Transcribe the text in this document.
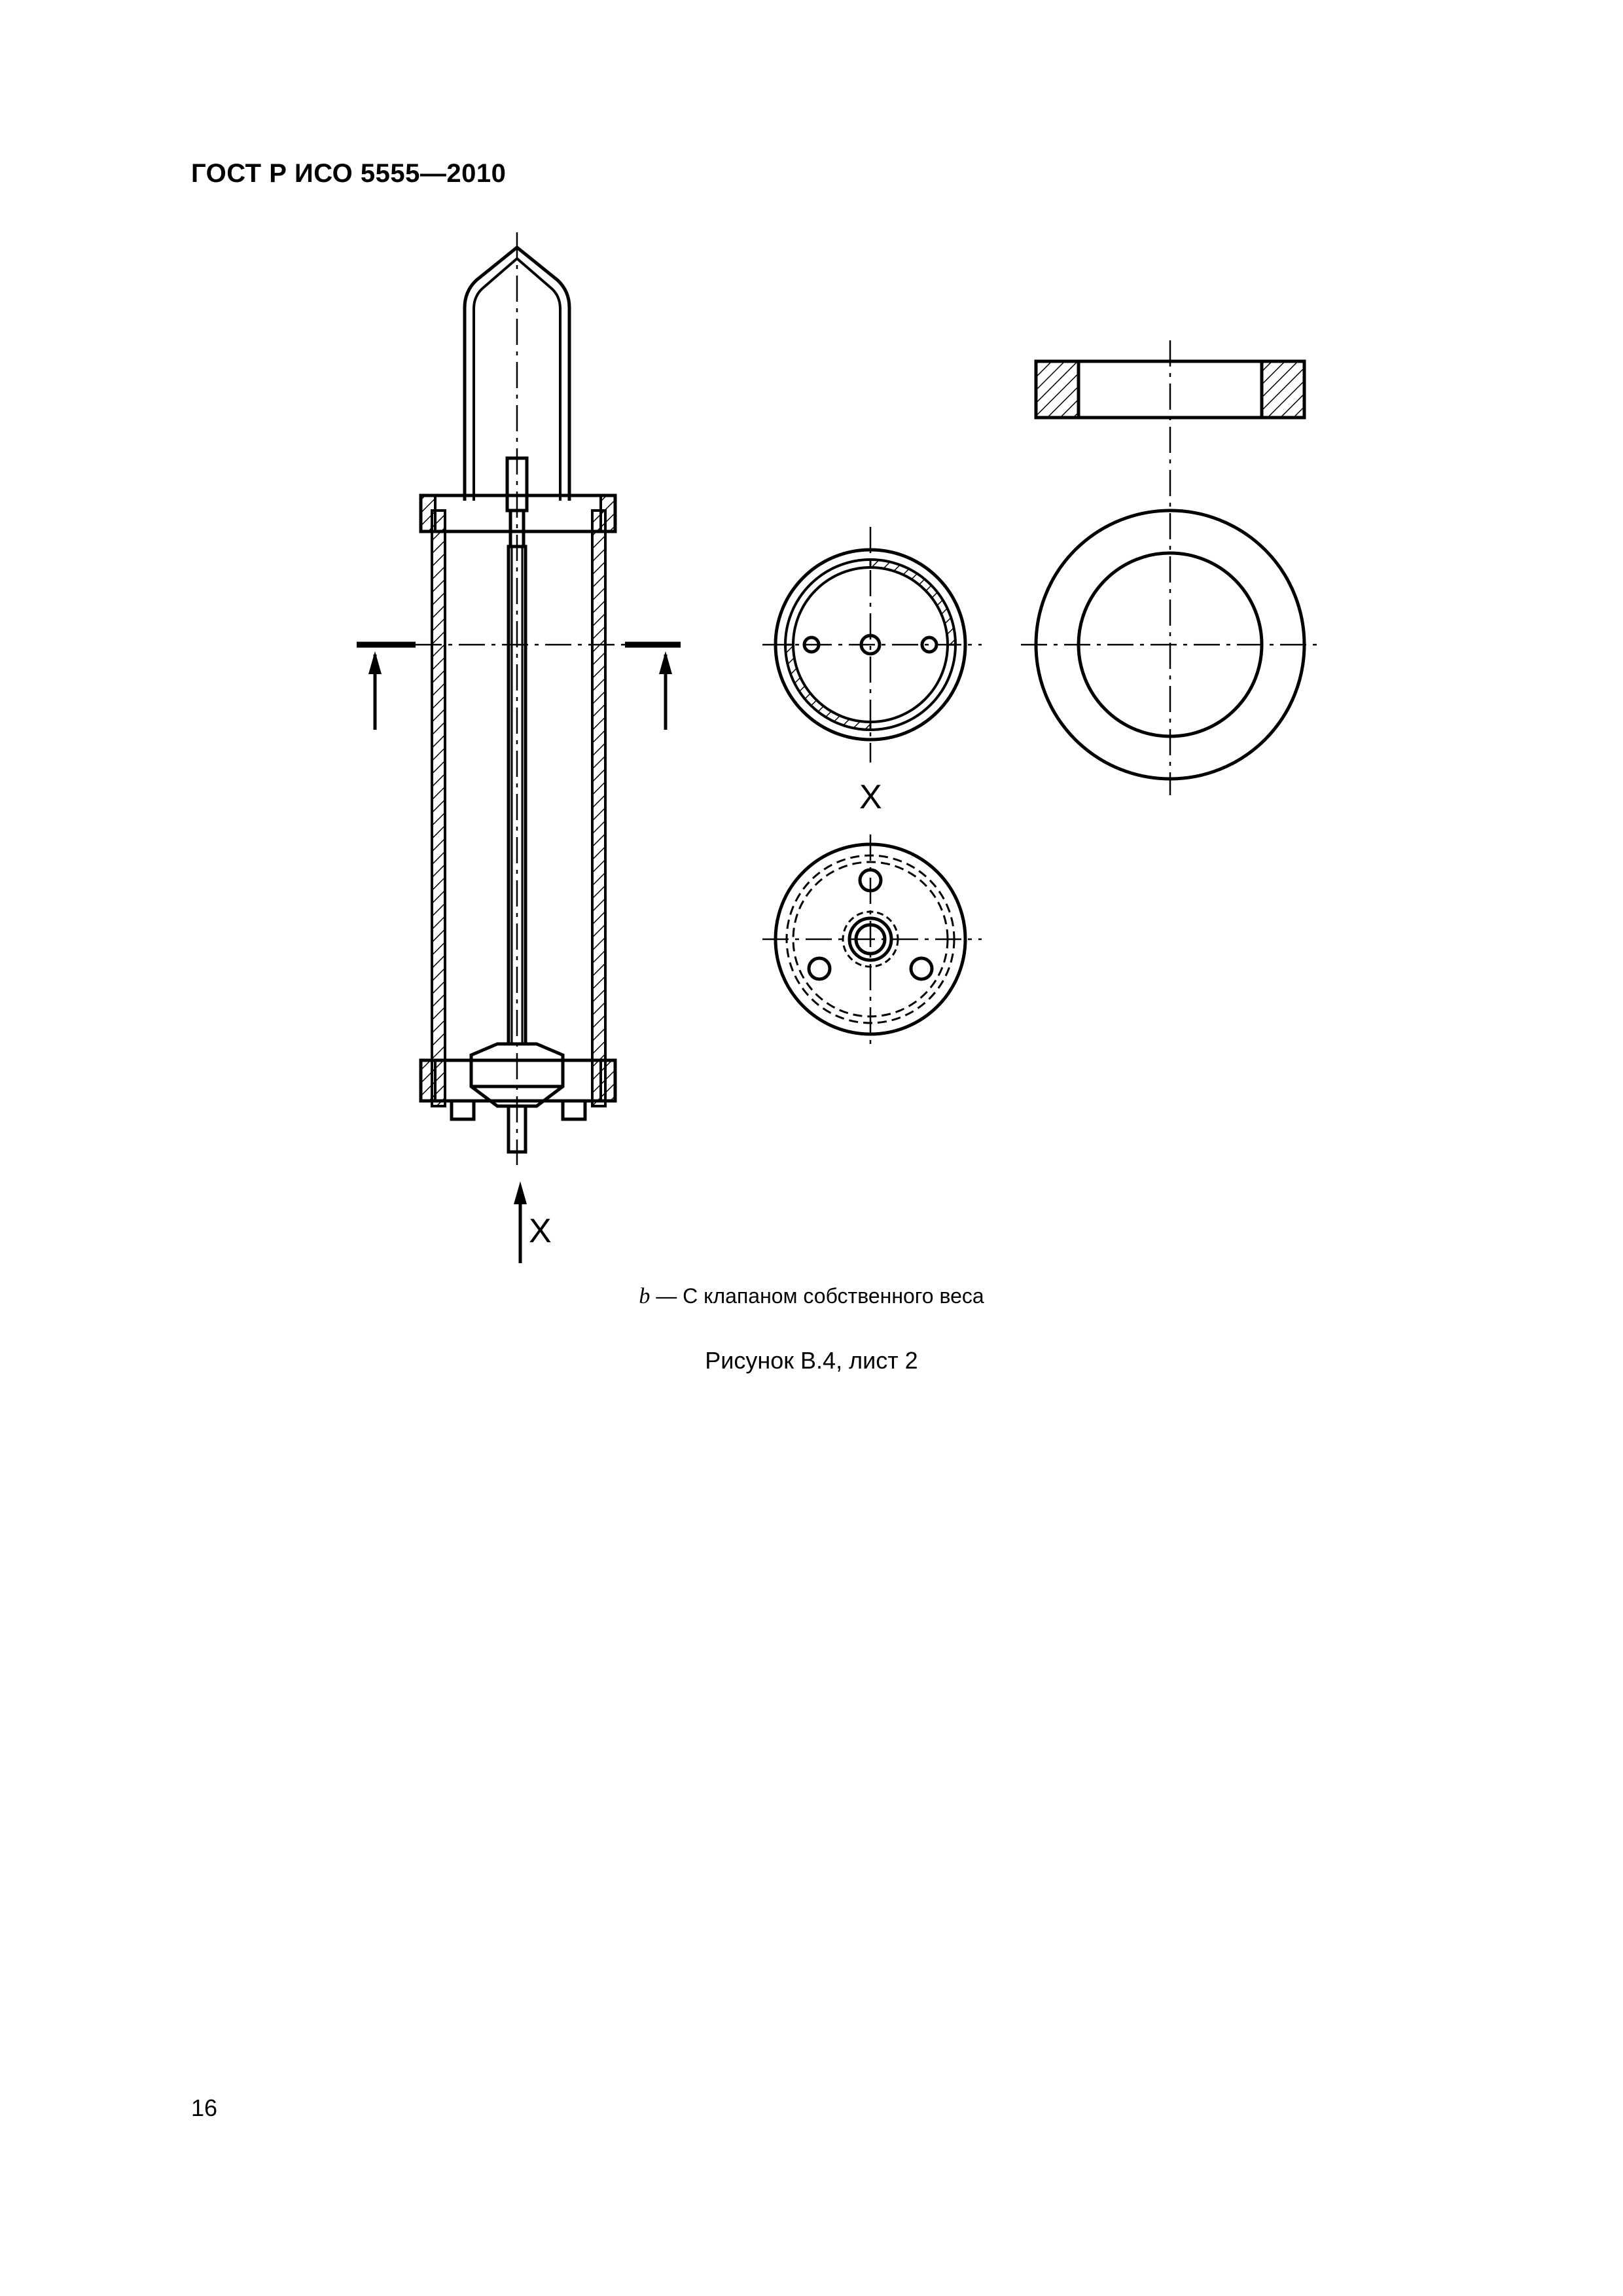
ГОСТ Р ИСО 5555—2010
X
X
b — С клапаном собственного веса
Рисунок В.4, лист 2
16
